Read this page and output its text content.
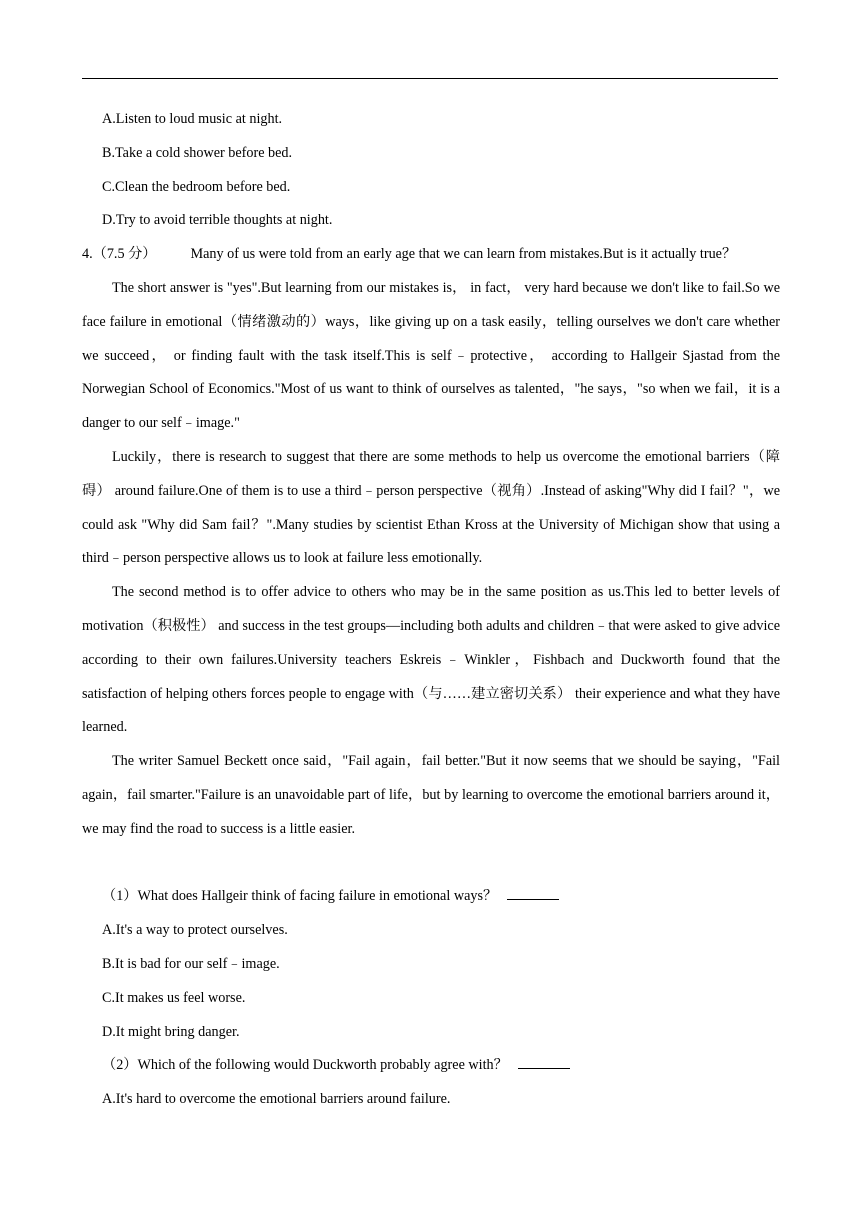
A.Listen to loud music at night.
B.Take a cold shower before bed.
C.Clean the bedroom before bed.
D.Try to avoid terrible thoughts at night.
4.（7.5 分） Many of us were told from an early age that we can learn from mistakes.But is it actually true？

The short answer is "yes".But learning from our mistakes is， in fact， very hard because we don't like to fail.So we face failure in emotional（情绪激动的）ways，like giving up on a task easily，telling ourselves we don't care whether we succeed， or finding fault with the task itself.This is self﹣protective， according to Hallgeir Sjastad from the Norwegian School of Economics."Most of us want to think of ourselves as talented，"he says，"so when we fail，it is a danger to our self﹣image."

Luckily，there is research to suggest that there are some methods to help us overcome the emotional barriers（障碍） around failure.One of them is to use a third﹣person perspective（视角）.Instead of asking"Why did I fail？"，we could ask "Why did Sam fail？".Many studies by scientist Ethan Kross at the University of Michigan show that using a third﹣person perspective allows us to look at failure less emotionally.

The second method is to offer advice to others who may be in the same position as us.This led to better levels of motivation（积极性） and success in the test groups—including both adults and children﹣that were asked to give advice according to their own failures.University teachers Eskreis﹣Winkler，Fishbach and Duckworth found that the satisfaction of helping others forces people to engage with（与……建立密切关系） their experience and what they have learned.

The writer Samuel Beckett once said，"Fail again，fail better."But it now seems that we should be saying，"Fail again，fail smarter."Failure is an unavoidable part of life，but by learning to overcome the emotional barriers around it，we may find the road to success is a little easier.

（1）What does Hallgeir think of facing failure in emotional ways？
A.It's a way to protect ourselves.
B.It is bad for our self﹣image.
C.It makes us feel worse.
D.It might bring danger.
（2）Which of the following would Duckworth probably agree with？
A.It's hard to overcome the emotional barriers around failure.
